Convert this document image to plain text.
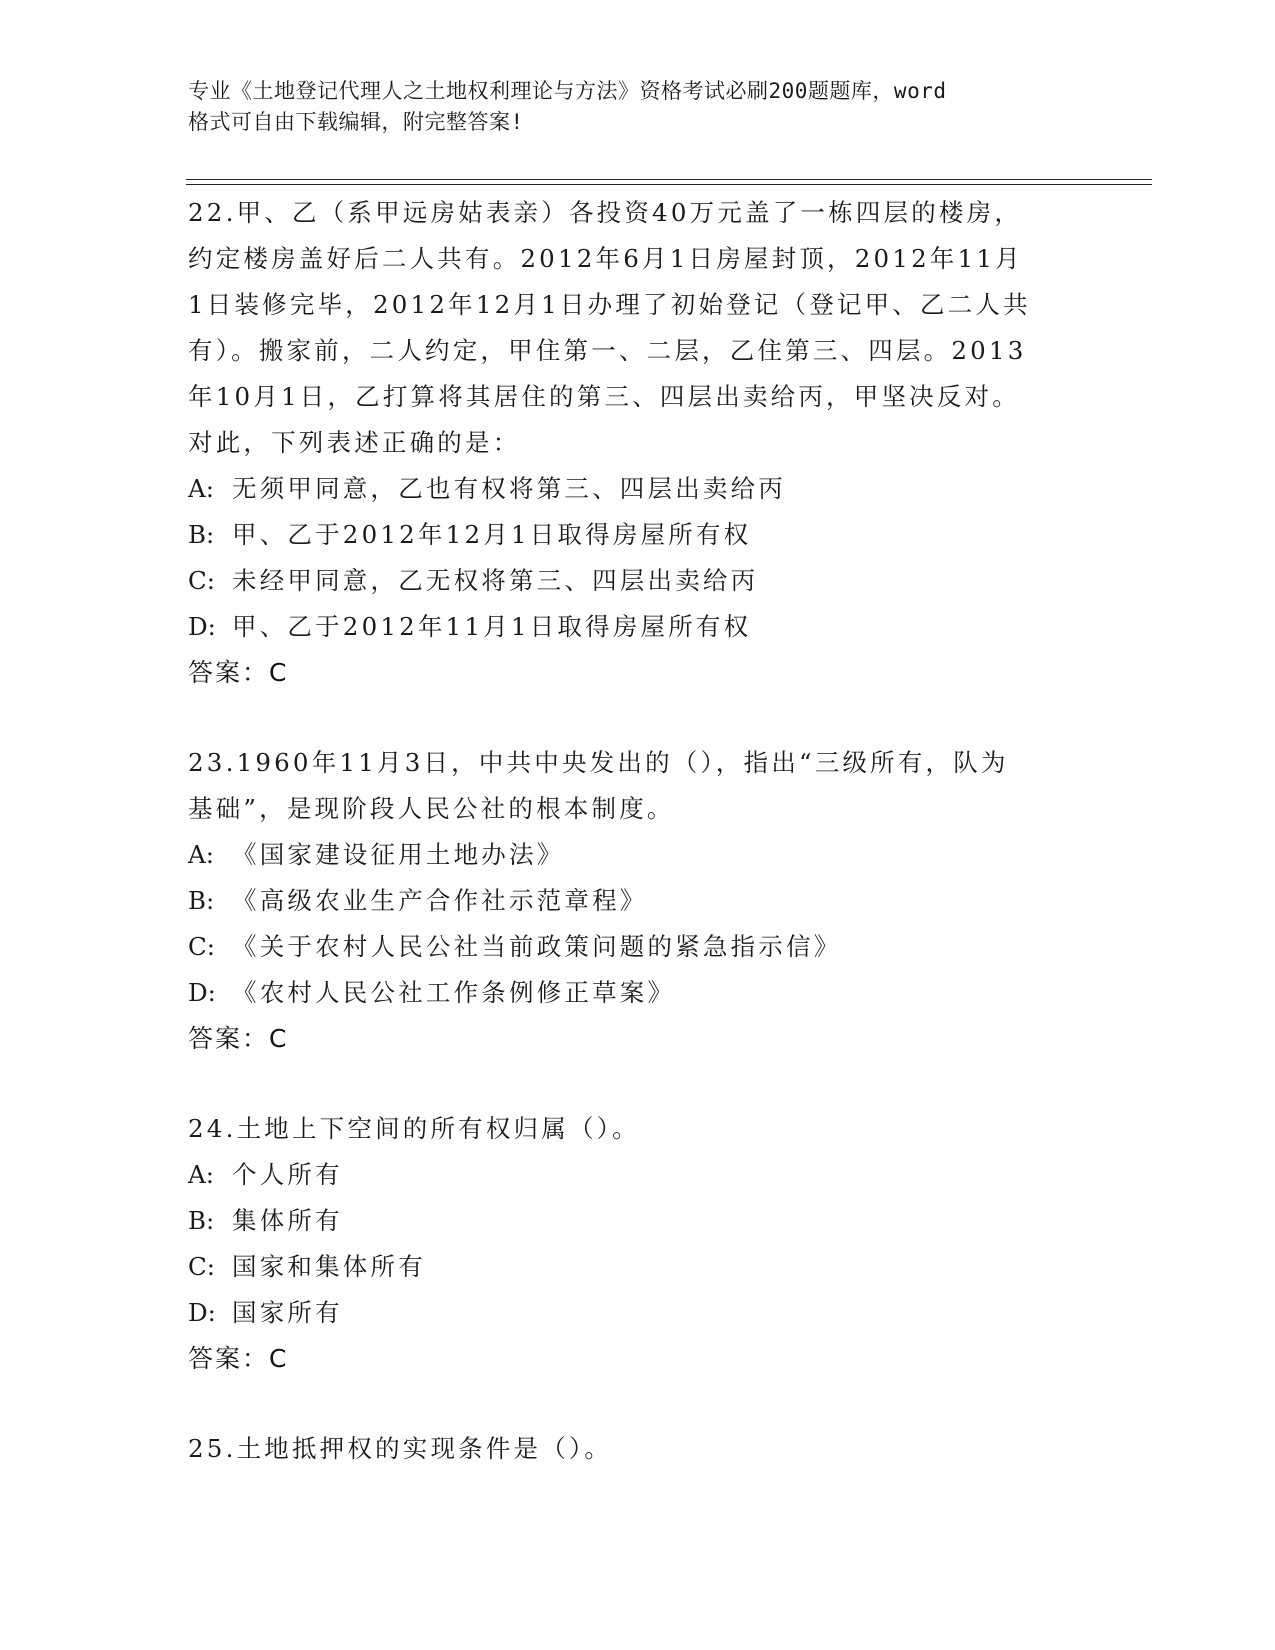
专业《土地登记代理人之土地权利理论与方法》资格考试必刷200题题库，word
格式可自由下载编辑，附完整答案!
22.甲、乙（系甲远房姑表亲）各投资40万元盖了一栋四层的楼房，
约定楼房盖好后二人共有。2012年6月1日房屋封顶，2012年11月
1日装修完毕，2012年12月1日办理了初始登记（登记甲、乙二人共
有）。搬家前，二人约定，甲住第一、二层，乙住第三、四层。2013
年10月1日，乙打算将其居住的第三、四层出卖给丙，甲坚决反对。
对此，下列表述正确的是：
A: 无须甲同意，乙也有权将第三、四层出卖给丙
B: 甲、乙于2012年12月1日取得房屋所有权
C: 未经甲同意，乙无权将第三、四层出卖给丙
D: 甲、乙于2012年11月1日取得房屋所有权
答案：C
23.1960年11月3日，中共中央发出的（），指出“三级所有，队为
基础”，是现阶段人民公社的根本制度。
A: 《国家建设征用土地办法》
B: 《高级农业生产合作社示范章程》
C: 《关于农村人民公社当前政策问题的紧急指示信》
D: 《农村人民公社工作条例修正草案》
答案：C
24.土地上下空间的所有权归属（）。
A: 个人所有
B: 集体所有
C: 国家和集体所有
D: 国家所有
答案：C
25.土地抵押权的实现条件是（）。
